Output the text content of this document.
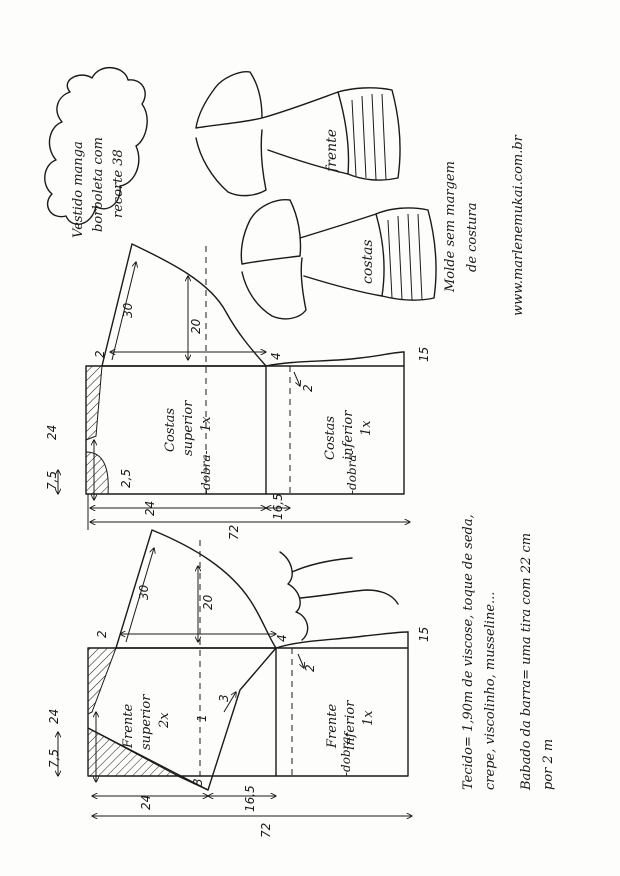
Vestido manga borboleta com recorte 38	frente
costas	Molde sem margem de costura www.marlenemukai.com.br
24
7,5	2,5
2
30
20
4
2
15
24	16,5
72
Costas superior 1x	Costas inferior 1x
-dobra-	-dobra-
24
7,5
2
30
20
4
2
15
1
3
3
24	16,5
72
Frente superior 2x	Frente inferior 1x
-dobra-	Tecido= 1,90m de viscose, toque de seda, crepe, viscolinho, musseline... Babado da barra= uma tira com 22 cm por 2 m
